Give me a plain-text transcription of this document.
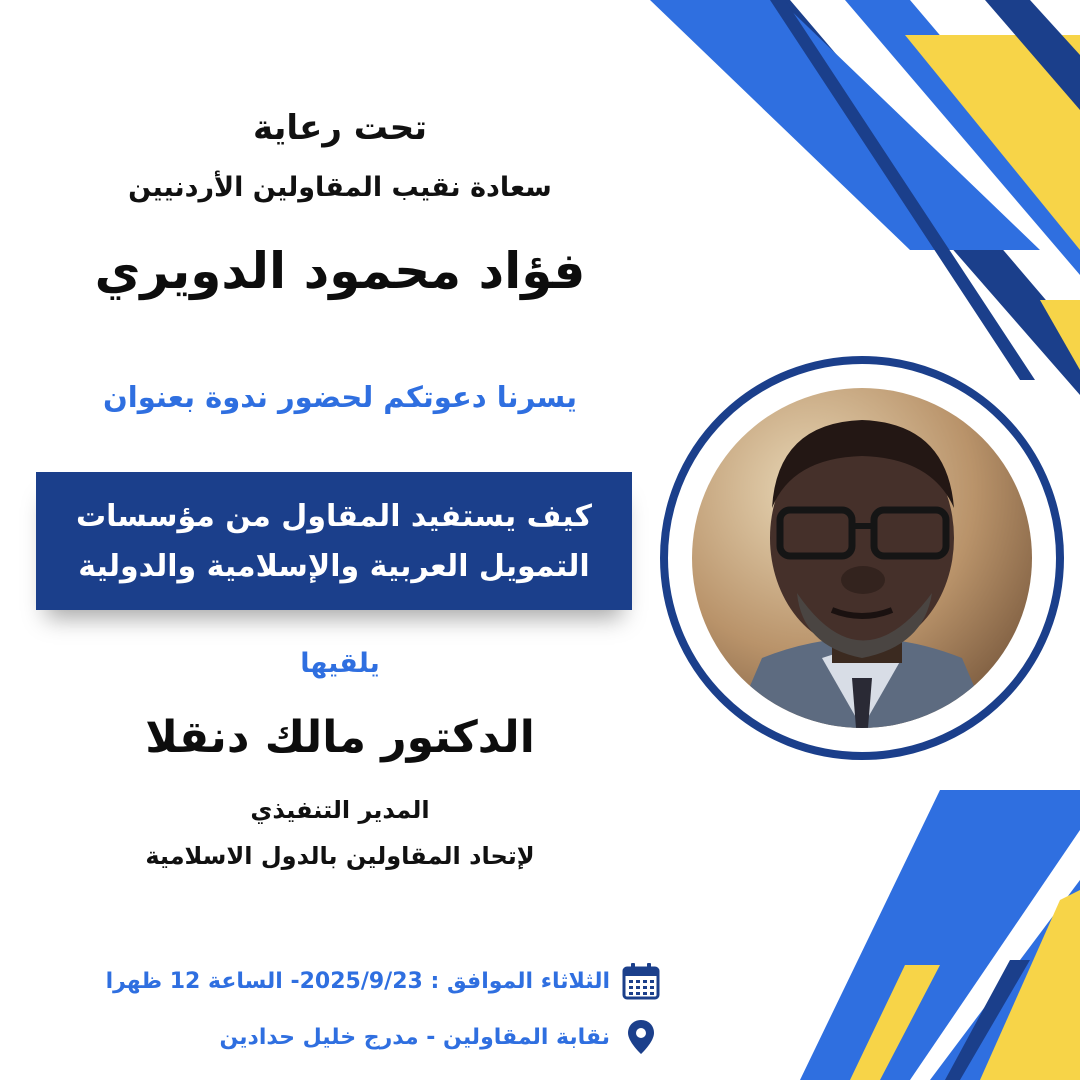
تحت رعاية

سعادة نقيب المقاولين الأردنيين

فؤاد محمود الدويري

يسرنا دعوتكم لحضور ندوة بعنوان

كيف يستفيد المقاول من مؤسسات
التمويل العربية والإسلامية والدولية

يلقيها

الدكتور مالك دنقلا

المدير التنفيذي

لإتحاد المقاولين بالدول الاسلامية

الثلاثاء الموافق : 2025/9/23- الساعة 12 ظهرا
نقابة المقاولين - مدرج خليل حدادين
